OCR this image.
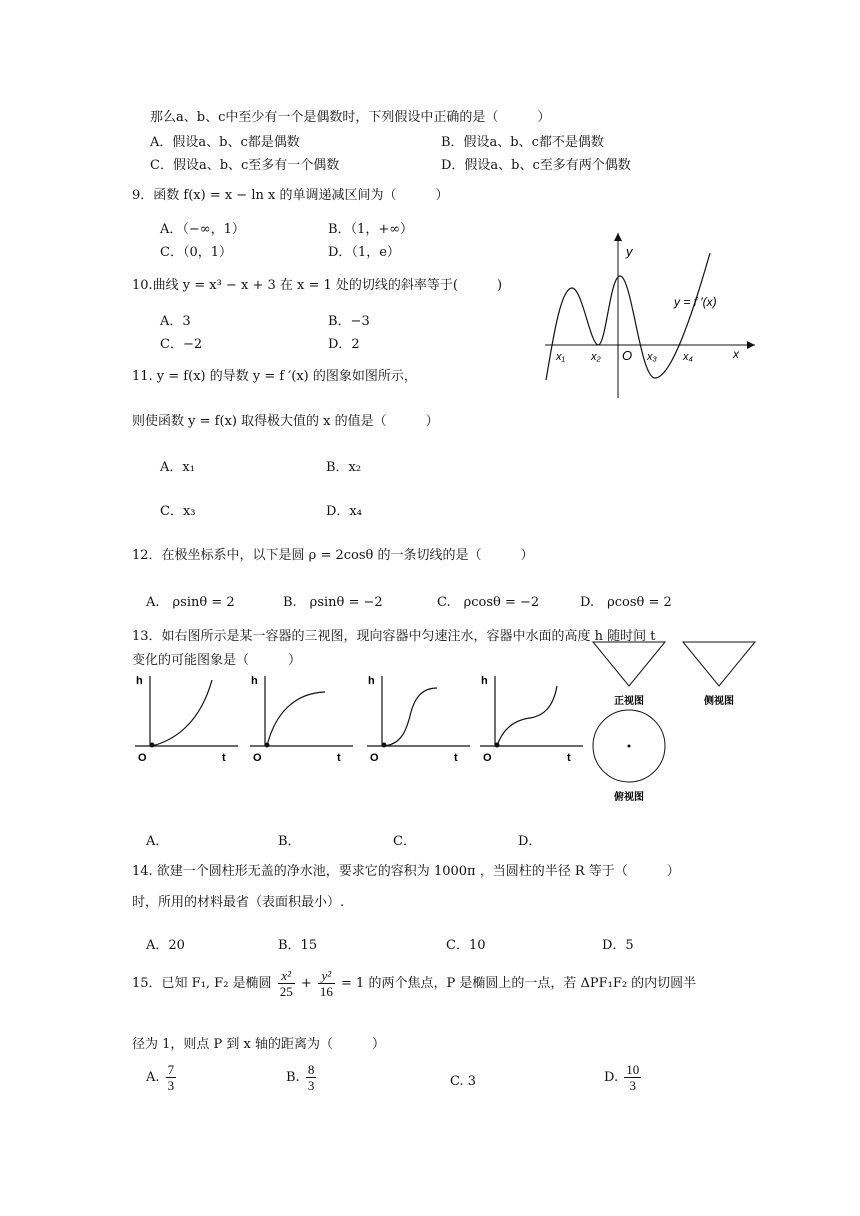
那么a、b、c中至少有一个是偶数时，下列假设中正确的是（　　　）
A．假设a、b、c都是偶数	B．假设a、b、c都不是偶数
C．假设a、b、c至多有一个偶数	D．假设a、b、c至多有两个偶数
9．函数 f(x) = x − ln x 的单调递减区间为（　　　）
A．（−∞，1）	B．（1，+∞）
C．（0，1）	D．（1，e）
10.曲线 y = x³ − x + 3 在 x = 1 处的切线的斜率等于(　　　)
A．3	B．−3
C．−2	D．2
y
x
O
y = f ′(x)
x₁ x₂	x₃ x₄
11. y = f(x) 的导数 y = f ′(x) 的图象如图所示，
则使函数 y = f(x) 取得极大值的 x 的值是（　　　）
A．x₁	B．x₂
C．x₃	D．x₄
12．在极坐标系中，以下是圆 ρ = 2cosθ 的一条切线的是（　　　）
A.　ρsinθ = 2	B.　ρsinθ = −2	C.　ρcosθ = −2	D.　ρcosθ = 2
13．如右图所示是某一容器的三视图，现向容器中匀速注水，容器中水面的高度 h 随时间 t
变化的可能图象是（　　　）
h
O	t
h
O	t
h
O	t
h
O	t
正视图	侧视图
俯视图
A．	B．	C．	D．
14. 欲建一个圆柱形无盖的净水池，要求它的容积为 1000π ，当圆柱的半径 R 等于（　　　）
时，所用的材料最省（表面积最小）.
A．20	B．15	C．10	D．5
15．已知 F₁, F₂ 是椭圆 $\frac{\text{x²}}{25} + \frac{\text{y²}}{16} = 1$ 的两个焦点，P 是椭圆上的一点，若 ΔPF₁F₂ 的内切圆半
径为 1，则点 P 到 x 轴的距离为（　　　）
A. $\frac{7}{3}$	B. $\frac{8}{3}$	C. 3	D. $\frac{10}{3}$
